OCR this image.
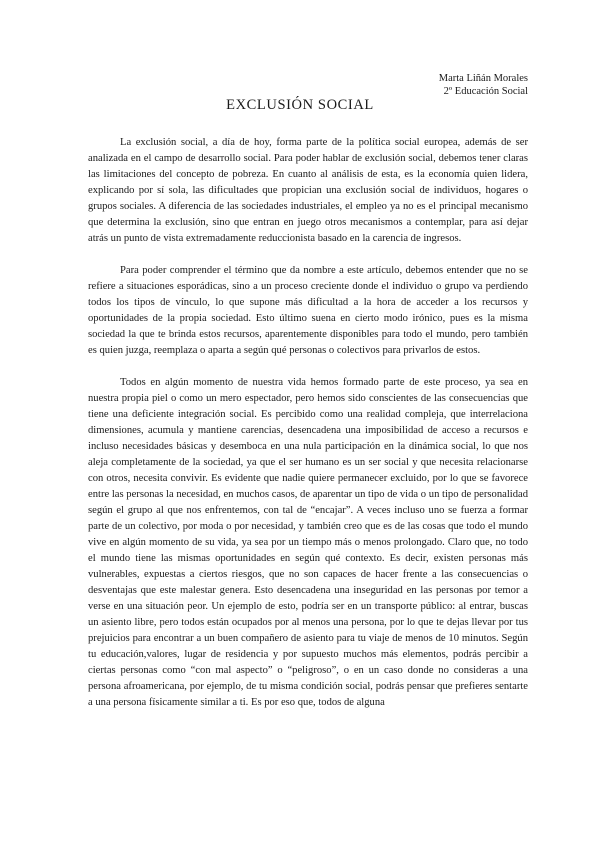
Marta Liñán Morales
2º Educación Social
EXCLUSIÓN SOCIAL

La exclusión social, a día de hoy, forma parte de la política social europea, además de ser analizada en el campo de desarrollo social. Para poder hablar de exclusión social, debemos tener claras las limitaciones del concepto de pobreza. En cuanto al análisis de esta, es la economía quien lidera, explicando por sí sola, las dificultades que propician una exclusión social de individuos, hogares o grupos sociales. A diferencia de las sociedades industriales, el empleo ya no es el principal mecanismo que determina la exclusión, sino que entran en juego otros mecanismos a contemplar, para así dejar atrás un punto de vista extremadamente reduccionista basado en la carencia de ingresos.

Para poder comprender el término que da nombre a este artículo, debemos entender que no se refiere a situaciones esporádicas, sino a un proceso creciente donde el individuo o grupo va perdiendo todos los tipos de vínculo, lo que supone más dificultad a la hora de acceder a los recursos y oportunidades de la propia sociedad. Esto último suena en cierto modo irónico, pues es la misma sociedad la que te brinda estos recursos, aparentemente disponibles para todo el mundo, pero también es quien juzga, reemplaza o aparta a según qué personas o colectivos para privarlos de estos.

Todos en algún momento de nuestra vida hemos formado parte de este proceso, ya sea en nuestra propia piel o como un mero espectador, pero hemos sido conscientes de las consecuencias que tiene una deficiente integración social. Es percibido como una realidad compleja, que interrelaciona dimensiones, acumula y mantiene carencias, desencadena una imposibilidad de acceso a recursos e incluso necesidades básicas y desemboca en una nula participación en la dinámica social, lo que nos aleja completamente de la sociedad, ya que el ser humano es un ser social y que necesita relacionarse con otros, necesita convivir. Es evidente que nadie quiere permanecer excluido, por lo que se favorece entre las personas la necesidad, en muchos casos, de aparentar un tipo de vida o un tipo de personalidad según el grupo al que nos enfrentemos, con tal de “encajar”. A veces incluso uno se fuerza a formar parte de un colectivo, por moda o por necesidad, y también creo que es de las cosas que todo el mundo vive en algún momento de su vida, ya sea por un tiempo más o menos prolongado. Claro que, no todo el mundo tiene las mismas oportunidades en según qué contexto. Es decir, existen personas más vulnerables, expuestas a ciertos riesgos, que no son capaces de hacer frente a las consecuencias o desventajas que este malestar genera. Esto desencadena una inseguridad en las personas por temor a verse en una situación peor. Un ejemplo de esto, podría ser en un transporte público: al entrar, buscas un asiento libre, pero todos están ocupados por al menos una persona, por lo que te dejas llevar por tus prejuicios para encontrar a un buen compañero de asiento para tu viaje de menos de 10 minutos. Según tu educación,valores, lugar de residencia y por supuesto muchos más elementos, podrás percibir a ciertas personas como “con mal aspecto” o “peligroso”, o en un caso donde no consideras a una persona afroamericana, por ejemplo, de tu misma condición social, podrás pensar que prefieres sentarte a una persona físicamente similar a ti. Es por eso que, todos de alguna
